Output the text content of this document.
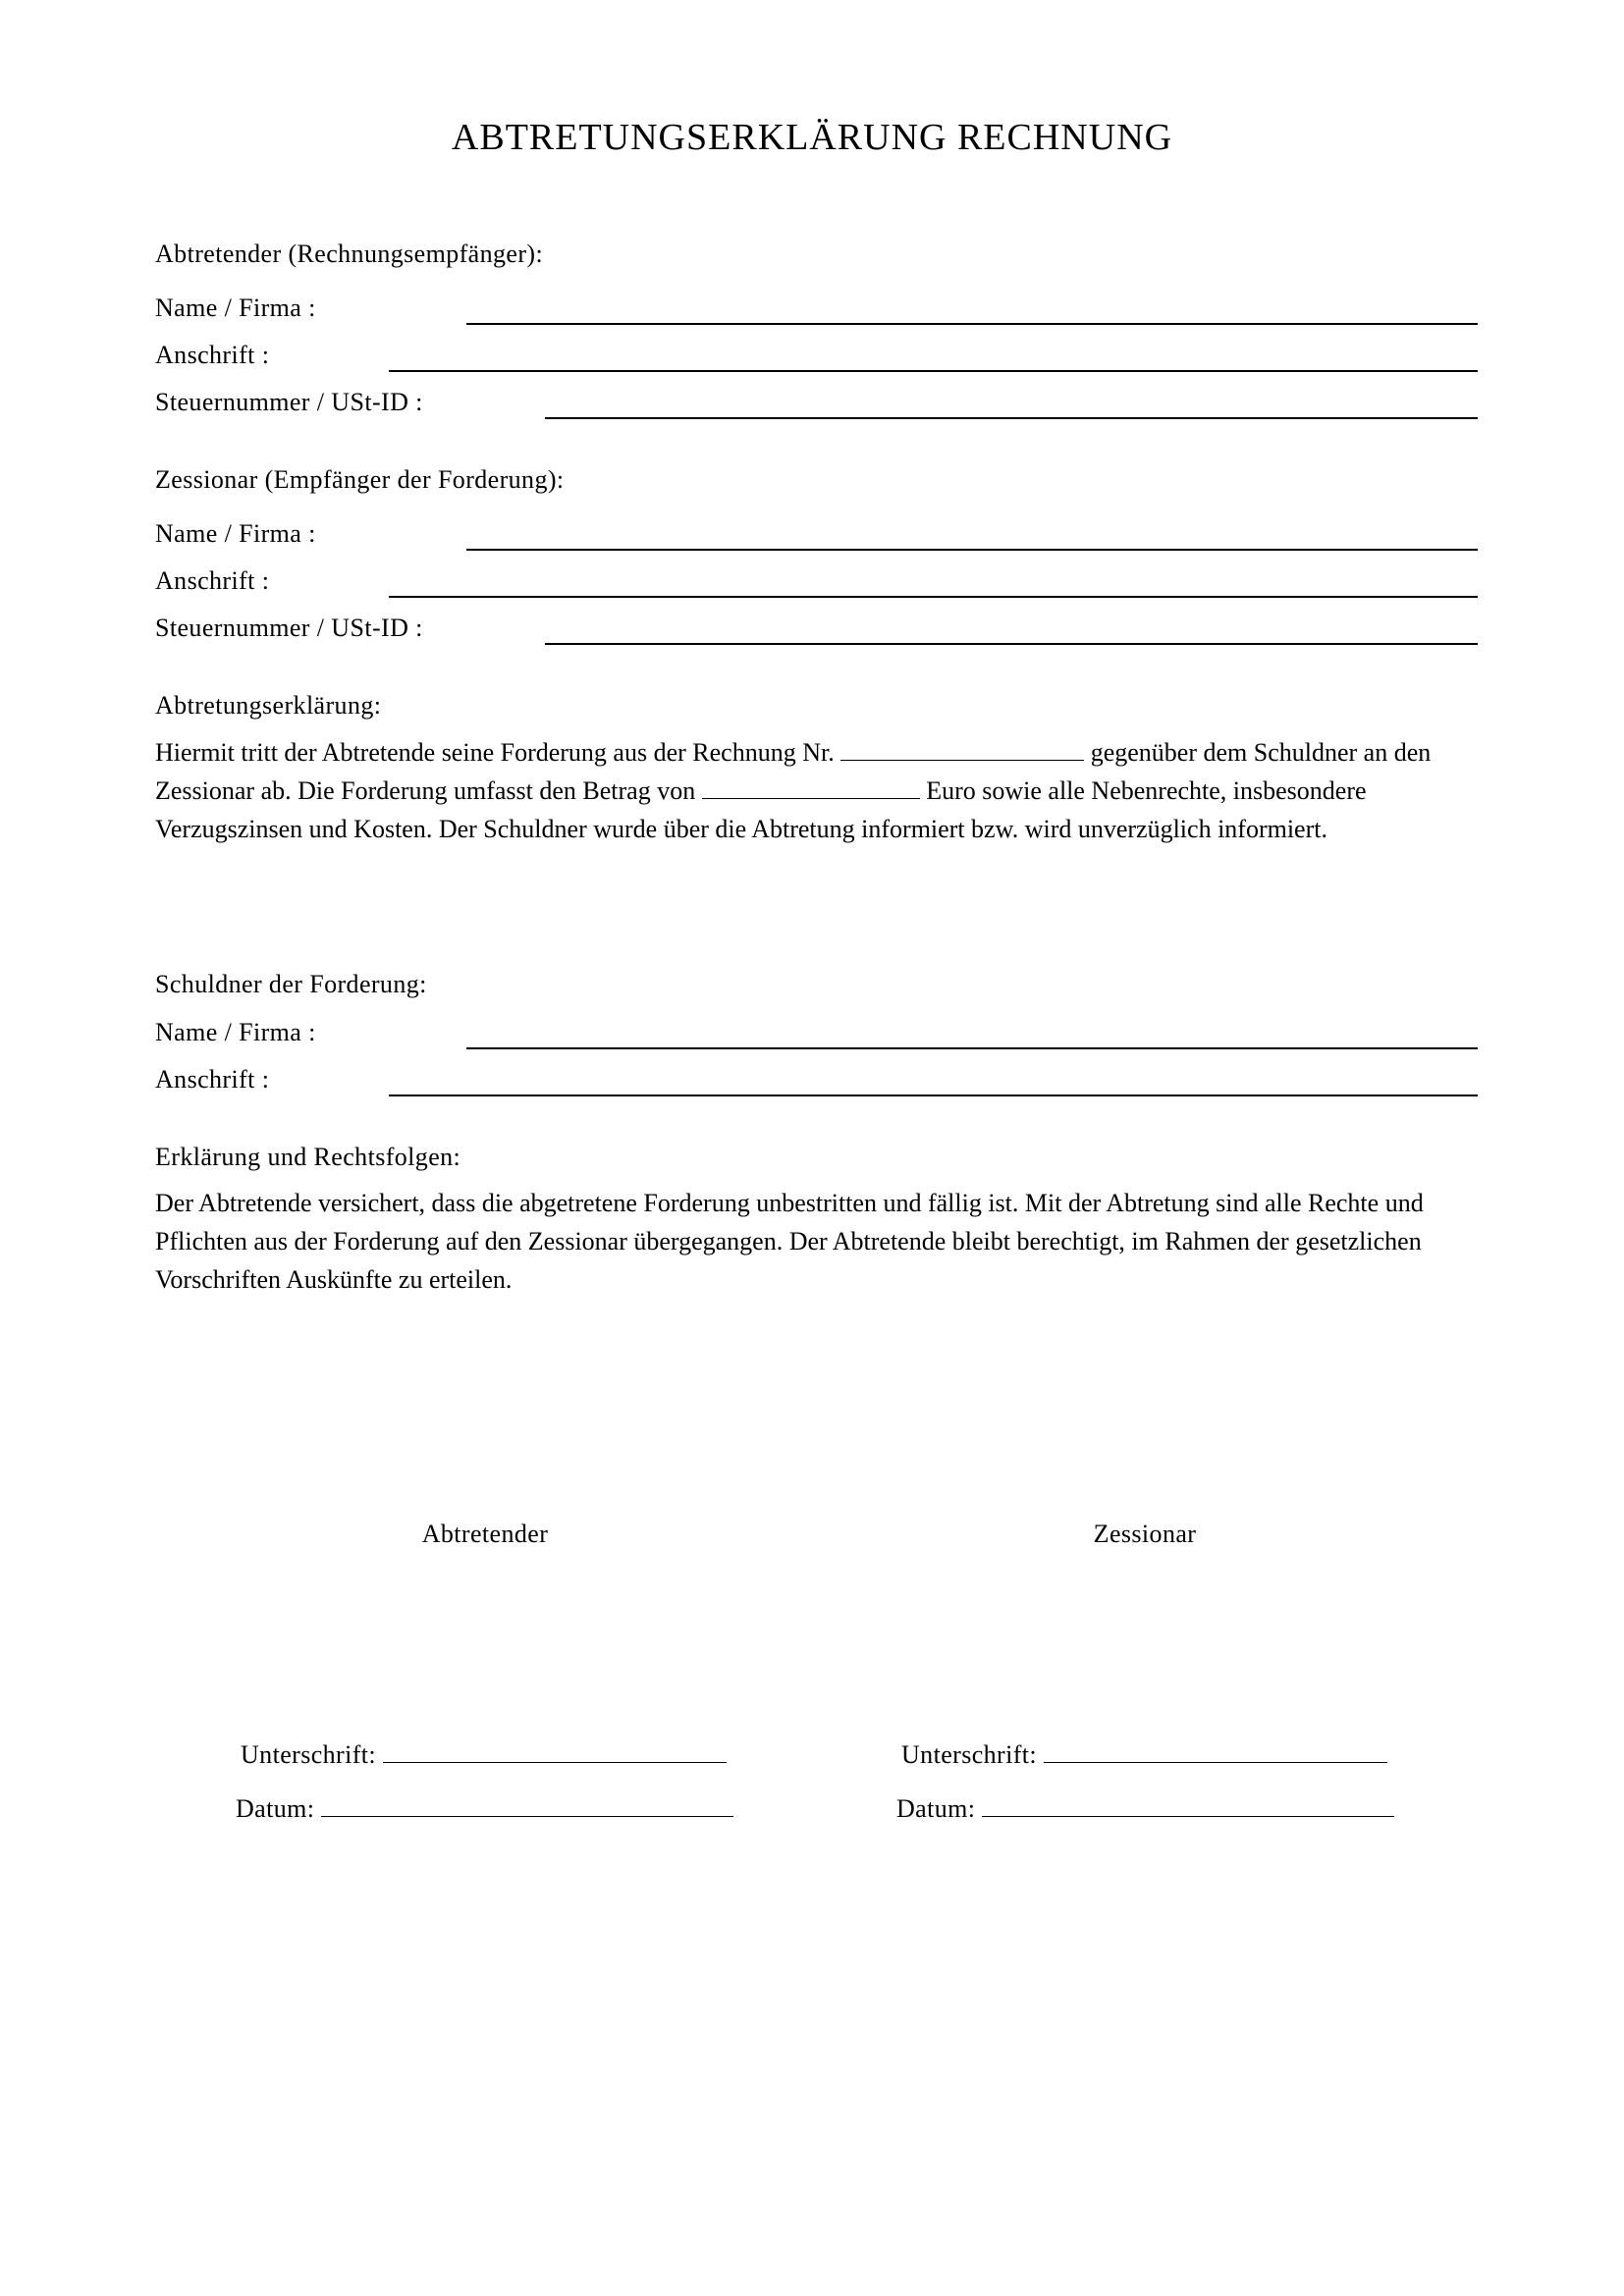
ABTRETUNGSERKLÄRUNG RECHNUNG
Abtretender (Rechnungsempfänger):
Name / Firma :
Anschrift :
Steuernummer / USt-ID :
Zessionar (Empfänger der Forderung):
Name / Firma :
Anschrift :
Steuernummer / USt-ID :
Abtretungserklärung:
Hiermit tritt der Abtretende seine Forderung aus der Rechnung Nr.	gegenüber dem Schuldner an den Zessionar ab. Die Forderung umfasst den Betrag von	Euro sowie alle Nebenrechte, insbesondere Verzugszinsen und Kosten. Der Schuldner wurde über die Abtretung informiert bzw. wird unverzüglich informiert.
Schuldner der Forderung:
Name / Firma :
Anschrift :
Erklärung und Rechtsfolgen:
Der Abtretende versichert, dass die abgetretene Forderung unbestritten und fällig ist. Mit der Abtretung sind alle Rechte und Pflichten aus der Forderung auf den Zessionar übergegangen. Der Abtretende bleibt berechtigt, im Rahmen der gesetzlichen Vorschriften Auskünfte zu erteilen.
Abtretender	Zessionar
Unterschrift:
Datum:
Unterschrift:
Datum:
